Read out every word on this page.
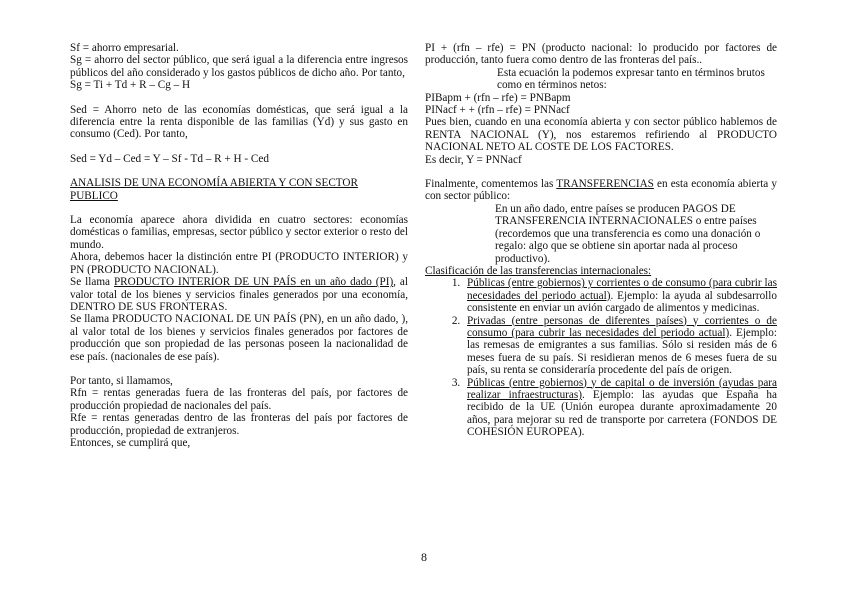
Sf = ahorro empresarial.

Sg = ahorro del sector público, que será igual a la diferencia entre ingresos públicos del año considerado y los gastos públicos de dicho año. Por tanto,

Sg = Ti + Td + R – Cg – H

Sed = Ahorro neto de las economías domésticas, que será igual a la diferencia entre la renta disponible de las familias (Yd) y sus gasto en consumo (Ced). Por tanto,

Sed = Yd – Ced = Y – Sf - Td – R + H - Ced

ANALISIS DE UNA ECONOMÍA ABIERTA Y CON SECTOR PUBLICO

La economía aparece ahora dividida en cuatro sectores: economías domésticas o familias, empresas, sector público y sector exterior o resto del mundo.

Ahora, debemos hacer la distinción entre PI (PRODUCTO INTERIOR) y PN (PRODUCTO NACIONAL).

Se llama PRODUCTO INTERIOR DE UN PAÍS en un año dado (PI), al valor total de los bienes y servicios finales generados por una economía, DENTRO DE SUS FRONTERAS.

Se llama PRODUCTO NACIONAL DE UN PAÍS (PN), en un año dado, ), al valor total de los bienes y servicios finales generados por factores de producción que son propiedad de las personas poseen la nacionalidad de ese país. (nacionales de ese país).

Por tanto, si llamamos,

Rfn = rentas generadas fuera de las fronteras del país, por factores de producción propiedad de nacionales del país.

Rfe = rentas generadas dentro de las fronteras del país por factores de producción, propiedad de extranjeros.

Entonces, se cumplirá que,

PI + (rfn – rfe) = PN (producto nacional: lo producido por factores de producción, tanto fuera como dentro de las fronteras del país..

Esta ecuación la podemos expresar tanto en términos brutos como en términos netos:

PIBapm + (rfn – rfe) = PNBapm

PINacf + + (rfn – rfe) = PNNacf

Pues bien, cuando en una economía abierta y con sector público hablemos de RENTA NACIONAL (Y), nos estaremos refiriendo al PRODUCTO NACIONAL NETO AL COSTE DE LOS FACTORES.

Es decir, Y = PNNacf

Finalmente, comentemos las TRANSFERENCIAS en esta economía abierta y con sector público:

En un año dado, entre países se producen PAGOS DE TRANSFERENCIA INTERNACIONALES o entre países (recordemos que una transferencia es como una donación o regalo: algo que se obtiene sin aportar nada al proceso productivo).

Clasificación de las transferencias internacionales:

1. Públicas (entre gobiernos) y corrientes o de consumo (para cubrir las necesidades del periodo actual). Ejemplo: la ayuda al subdesarrollo consistente en enviar un avión cargado de alimentos y medicinas.
2. Privadas (entre personas de diferentes países) y corrientes o de consumo (para cubrir las necesidades del periodo actual). Ejemplo: las remesas de emigrantes a sus familias. Sólo si residen más de 6 meses fuera de su país. Si residieran menos de 6 meses fuera de su país, su renta se consideraría procedente del país de origen.
3. Públicas (entre gobiernos) y de capital o de inversión (ayudas para realizar infraestructuras). Ejemplo: las ayudas que España ha recibido de la UE (Unión europea durante aproximadamente 20 años, para mejorar su red de transporte por carretera (FONDOS DE COHESIÓN EUROPEA).
8
